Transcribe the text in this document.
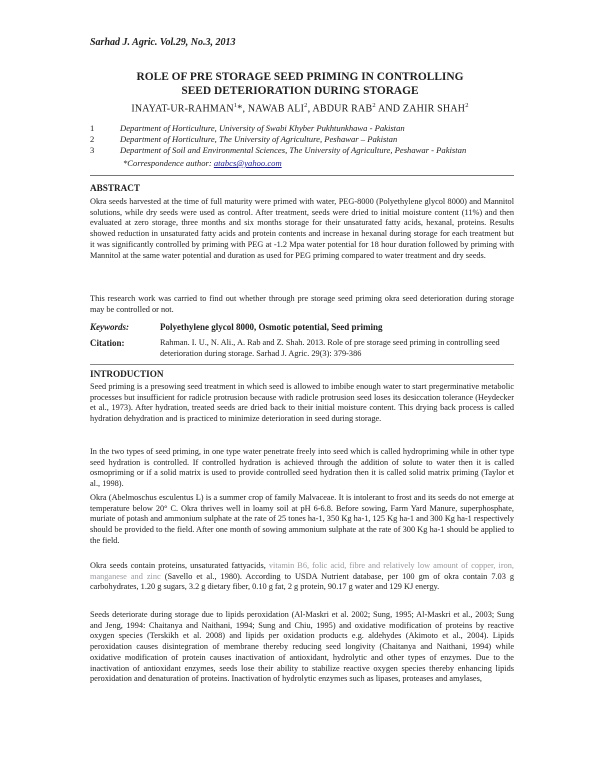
Sarhad J. Agric. Vol.29, No.3, 2013
ROLE OF PRE STORAGE SEED PRIMING IN CONTROLLING
SEED DETERIORATION DURING STORAGE
INAYAT-UR-RAHMAN$^1$*, NAWAB ALI$^2$, ABDUR RAB$^2$ AND ZAHIR SHAH$^2$
1	Department of Horticulture, University of Swabi Khyber Pukhtunkhawa - Pakistan
2	Department of Horticulture, The University of Agriculture, Peshawar – Pakistan
3	Department of Soil and Environmental Sciences, The University of Agriculture, Peshawar - Pakistan
*Correspondence author: atabcs@yahoo.com
ABSTRACT
Okra seeds harvested at the time of full maturity were primed with water, PEG-8000 (Polyethylene glycol 8000) and Mannitol solutions, while dry seeds were used as control. After treatment, seeds were dried to initial moisture content (11%) and then evaluated at zero storage, three months and six months storage for their unsaturated fatty acids, hexanal, proteins. Results showed reduction in unsaturated fatty acids and protein contents and increase in hexanal during storage for each treatment but it was significantly controlled by priming with PEG at -1.2 Mpa water potential for 18 hour duration followed by priming with Mannitol at the same water potential and duration as used for PEG priming compared to water treatment and dry seeds.
This research work was carried to find out whether through pre storage seed priming okra seed deterioration during storage may be controlled or not.
Keywords:	Polyethylene glycol 8000, Osmotic potential, Seed priming
Citation:	Rahman. I. U., N. Ali., A. Rab and Z. Shah. 2013. Role of pre storage seed priming in controlling seed deterioration during storage. Sarhad J. Agric. 29(3): 379-386
INTRODUCTION
Seed priming is a presowing seed treatment in which seed is allowed to imbibe enough water to start pregerminative metabolic processes but insufficient for radicle protrusion because with radicle protrusion seed loses its desiccation tolerance (Heydecker et al., 1973). After hydration, treated seeds are dried back to their initial moisture content. This drying back process is called hydration dehydration and is practiced to minimize deterioration in seed during storage.
In the two types of seed priming, in one type water penetrate freely into seed which is called hydropriming while in other type seed hydration is controlled. If controlled hydration is achieved through the addition of solute to water then it is called osmopriming or if a solid matrix is used to provide controlled seed hydration then it is called solid matrix priming (Taylor et al., 1998).
Okra (Abelmoschus esculentus L) is a summer crop of family Malvaceae. It is intolerant to frost and its seeds do not emerge at temperature below 20° C. Okra thrives well in loamy soil at pH 6-6.8. Before sowing, Farm Yard Manure, superphosphate, muriate of potash and ammonium sulphate at the rate of 25 tones ha-1, 350 Kg ha-1, 125 Kg ha-1 and 300 Kg ha-1 respectively should be provided to the field. After one month of sowing ammonium sulphate at the rate of 300 Kg ha-1 should be applied to the field.
Okra seeds contain proteins, unsaturated fattyacids, vitamin B6, folic acid, fibre and relatively low amount of copper, iron, manganese and zinc (Savello et al., 1980). According to USDA Nutrient database, per 100 gm of okra contain 7.03 g carbohydrates, 1.20 g sugars, 3.2 g dietary fiber, 0.10 g fat, 2 g protein, 90.17 g water and 129 KJ energy.
Seeds deteriorate during storage due to lipids peroxidation (Al-Maskri et al. 2002; Sung, 1995; Al-Maskri et al., 2003; Sung and Jeng, 1994: Chaitanya and Naithani, 1994; Sung and Chiu, 1995) and oxidative modification of proteins by reactive oxygen species (Terskikh et al. 2008) and lipids per oxidation products e.g. aldehydes (Akimoto et al., 2004). Lipids peroxidation causes disintegration of membrane thereby reducing seed longivity (Chaitanya and Naithani, 1994) while oxidative modification of protein causes inactivation of antioxidant, hydrolytic and other types of enzymes. Due to the inactivation of antioxidant enzymes, seeds lose their ability to stabilize reactive oxygen species thereby enhancing lipids peroxidation and denaturation of proteins. Inactivation of hydrolytic enzymes such as lipases, proteases and amylases,
